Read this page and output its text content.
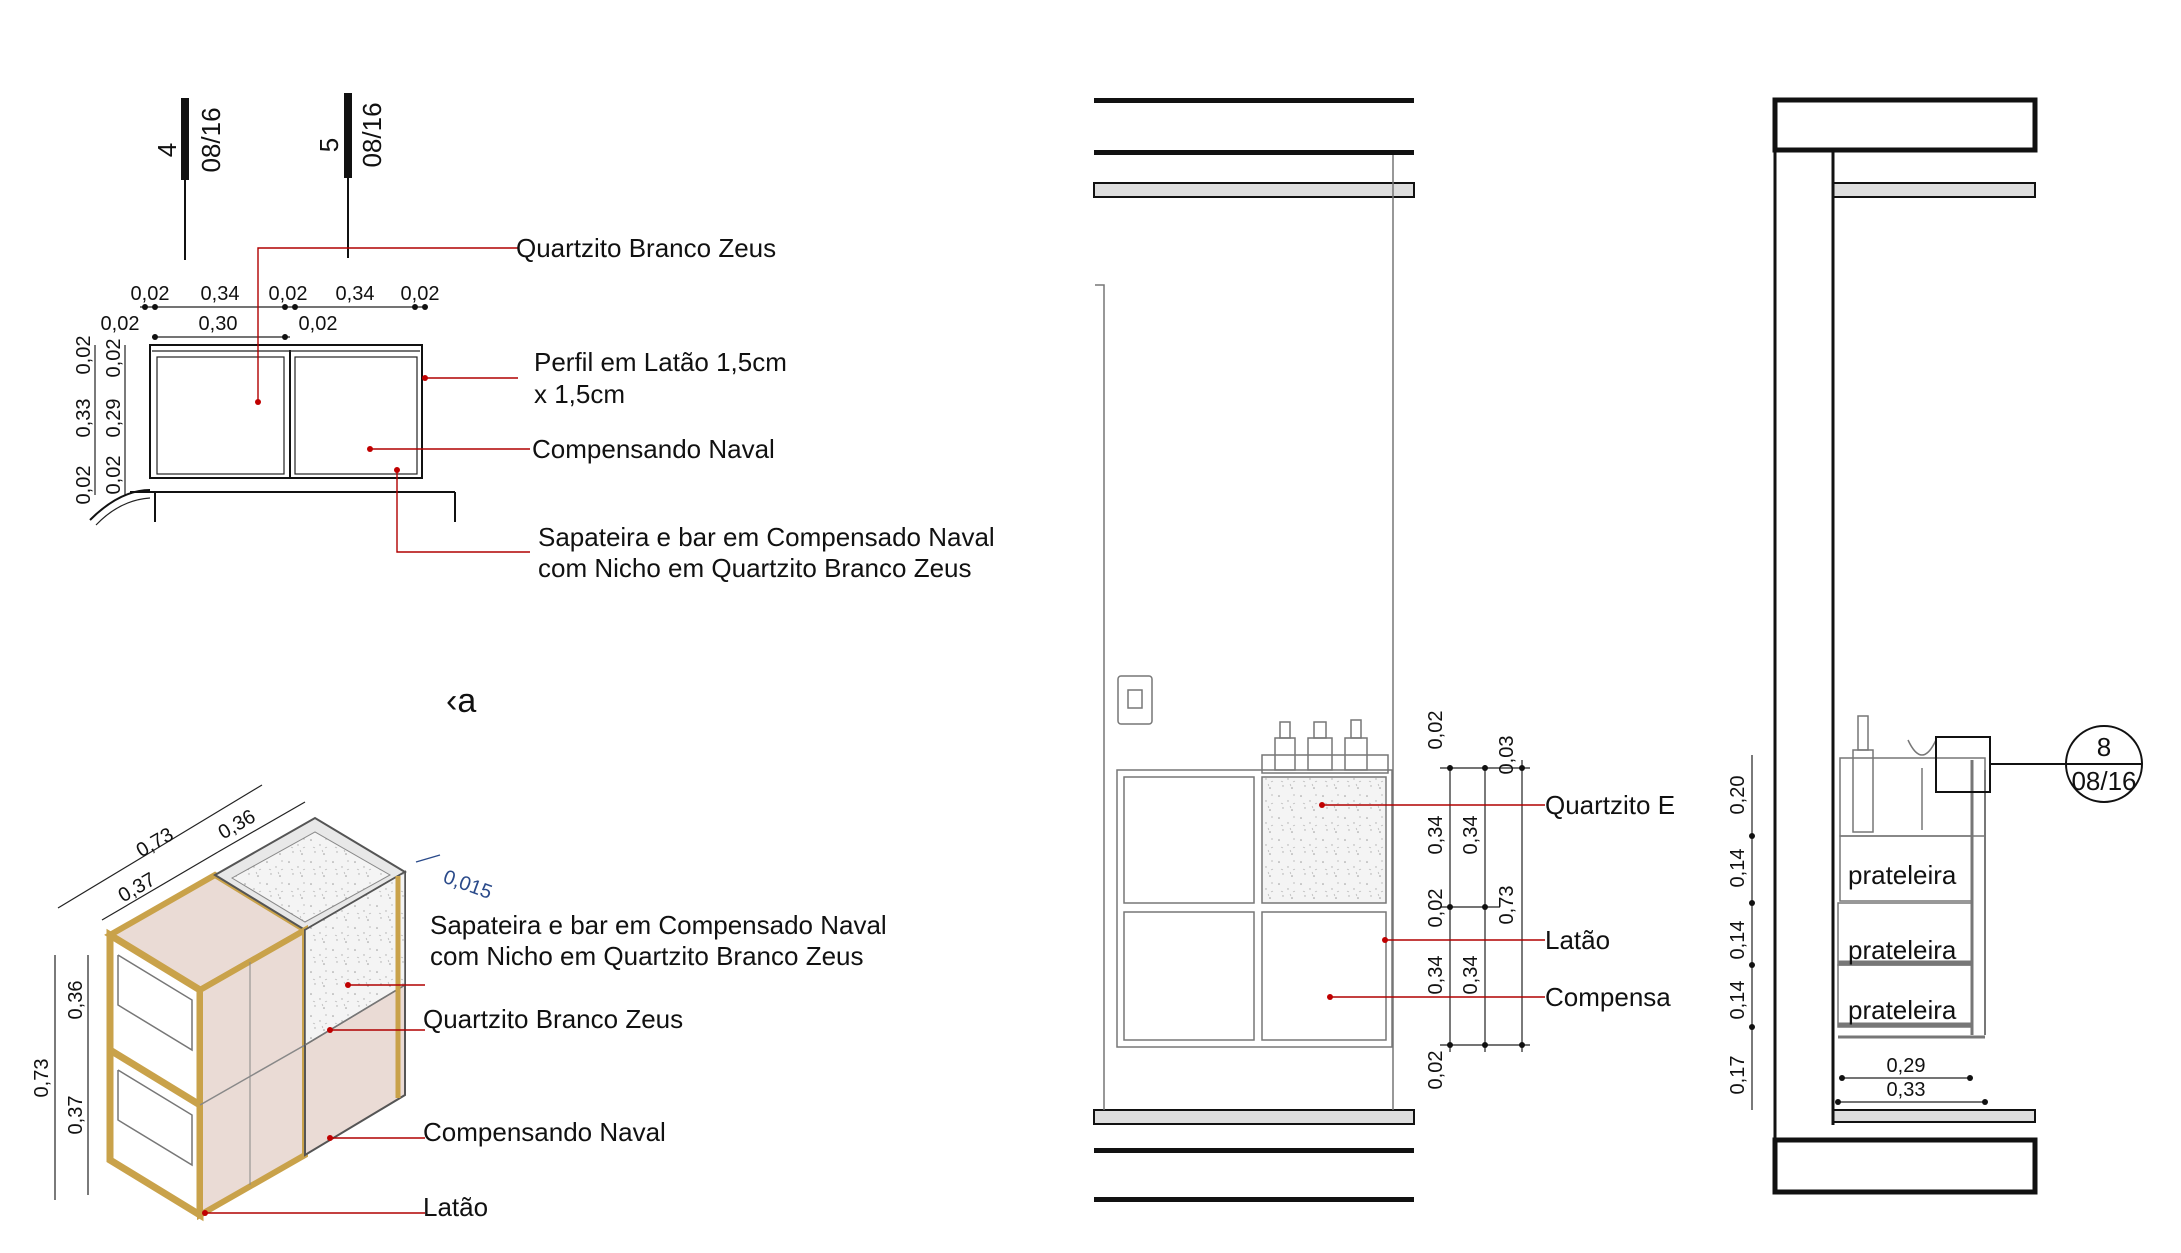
4 08/16	5 08/16
0,02 0,34 0,02 0,34 0,02
0,02	0,30	0,02
0,02
0,33
0,02
0,02
0,29
0,02
Quartzito Branco Zeus
Perfil em Latão 1,5cm
x 1,5cm
Compensando Naval
Sapateira e bar em Compensado Naval
com Nicho em Quartzito Branco Zeus
‹a
0,73
0,37
0,36
0,015
0,36
0,37
0,73
Sapateira e bar em Compensado Naval
com Nicho em Quartzito Branco Zeus
Quartzito Branco Zeus
Compensando Naval
Latão
0,02
0,03
0,34 0,34
0,02 0,73
0,34 0,34
0,02
Quartzito E
Latão
Compensa
prateleira
prateleira
prateleira
0,20
0,14
0,14
0,14
0,17	0,29
0,33
8
08/16
